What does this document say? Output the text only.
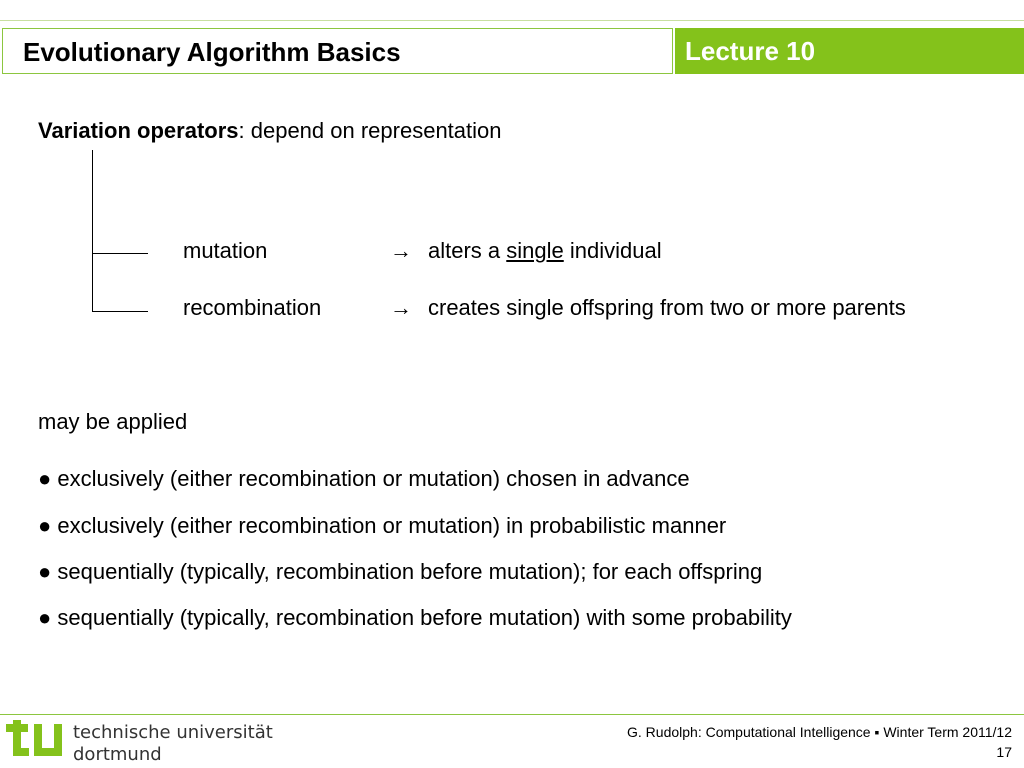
Evolutionary Algorithm Basics	Lecture 10
Variation operators: depend on representation
mutation	→ alters a single individual
recombination	→ creates single offspring from two or more parents
may be applied
● exclusively (either recombination or mutation) chosen in advance
● exclusively (either recombination or mutation) in probabilistic manner
● sequentially (typically, recombination before mutation); for each offspring
● sequentially (typically, recombination before mutation) with some probability
technische universität
dortmund
G. Rudolph: Computational Intelligence ▪ Winter Term 2011/12
17
